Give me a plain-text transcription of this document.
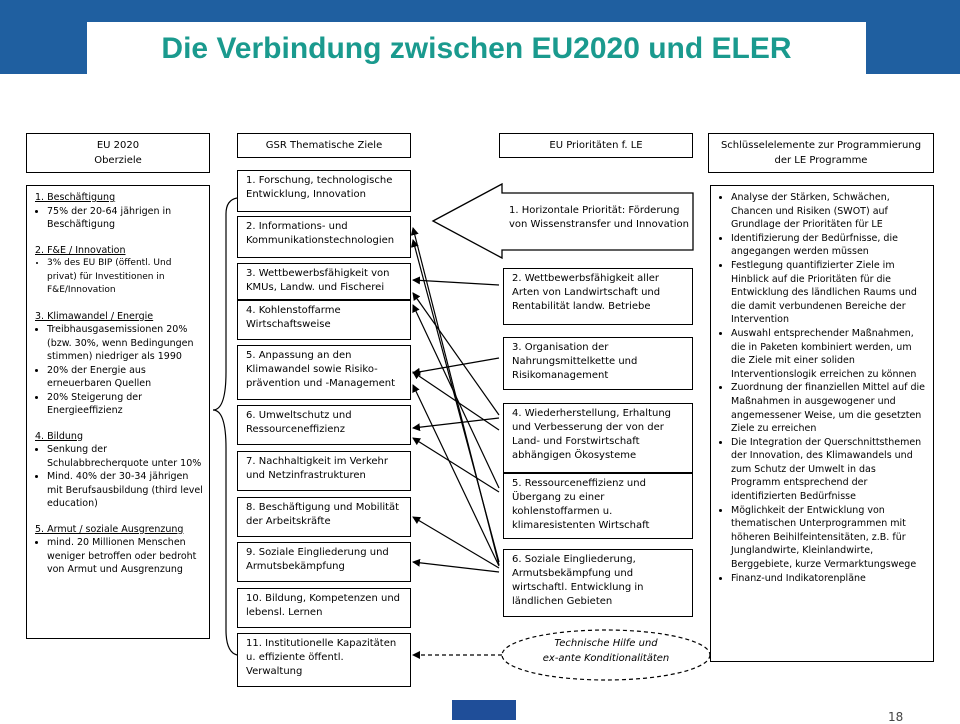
Die Verbindung zwischen EU2020 und ELER
EU 2020
Oberziele
GSR Thematische Ziele	EU Prioritäten f. LE	Schlüsselelemente zur Programmierung
der LE Programme
1. Beschäftigung
• 75% der 20-64 jährigen in Beschäftigung
2. F&E / Innovation
• 3% des EU BIP (öffentl. Und privat) für Investitionen in F&E/Innovation
3. Klimawandel / Energie
• Treibhausgasemissionen 20% (bzw. 30%, wenn Bedingungen stimmen) niedriger als 1990
• 20% der Energie aus erneuerbaren Quellen
• 20% Steigerung der Energieeffizienz
4. Bildung
• Senkung der Schulabbrecherquote unter 10%
• Mind. 40% der 30-34 jährigen mit Berufsausbildung (third level education)
5. Armut / soziale Ausgrenzung
• mind. 20 Millionen Menschen weniger betroffen oder bedroht von Armut und Ausgrenzung
1. Forschung, technologische Entwicklung, Innovation
2. Informations- und Kommunikationstechnologien
3. Wettbewerbsfähigkeit von KMUs, Landw. und Fischerei
4. Kohlenstoffarme Wirtschaftsweise
5. Anpassung an den Klimawandel sowie Risiko-prävention und -Management
6. Umweltschutz und Ressourceneffizienz
7. Nachhaltigkeit im Verkehr und Netzinfrastrukturen
8. Beschäftigung und Mobilität der Arbeitskräfte
9. Soziale Eingliederung und Armutsbekämpfung
10. Bildung, Kompetenzen und lebensl. Lernen
11. Institutionelle Kapazitäten u. effiziente öffentl. Verwaltung
1. Horizontale Priorität: Förderung von Wissenstransfer und Innovation
2. Wettbewerbsfähigkeit aller Arten von Landwirtschaft und Rentabilität landw. Betriebe
3. Organisation der Nahrungsmittelkette und Risikomanagement
4. Wiederherstellung, Erhaltung und Verbesserung der von der Land- und Forstwirtschaft abhängigen Ökosysteme
5. Ressourceneffizienz und Übergang zu einer kohlenstoffarmen u. klimaresistenten Wirtschaft
6. Soziale Eingliederung, Armutsbekämpfung und wirtschaftl. Entwicklung in ländlichen Gebieten
Technische Hilfe und
ex-ante Konditionalitäten
• Analyse der Stärken, Schwächen, Chancen und Risiken (SWOT) auf Grundlage der Prioritäten für LE
• Identifizierung der Bedürfnisse, die angegangen werden müssen
• Festlegung quantifizierter Ziele im Hinblick auf die Prioritäten für die Entwicklung des ländlichen Raums und die damit verbundenen Bereiche der Intervention
• Auswahl entsprechender Maßnahmen, die in Paketen kombiniert werden, um die Ziele mit einer soliden Interventionslogik erreichen zu können
• Zuordnung der finanziellen Mittel auf die Maßnahmen in ausgewogener und angemessener Weise, um die gesetzten Ziele zu erreichen
• Die Integration der Querschnittsthemen der Innovation, des Klimawandels und zum Schutz der Umwelt in das Programm entsprechend der identifizierten Bedürfnisse
• Möglichkeit der Entwicklung von thematischen Unterprogrammen mit höheren Beihilfeintensitäten, z.B. für Junglandwirte, Kleinlandwirte, Berggebiete, kurze Vermarktungswege
• Finanz-und Indikatorenpläne
18
